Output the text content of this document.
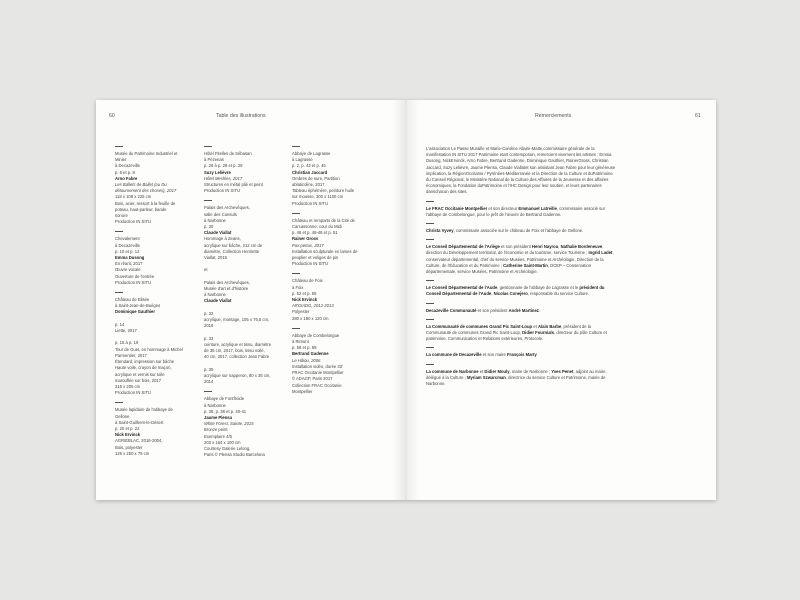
60	Table des illustrations

Musée du Patrimoine Industriel et

Minier

à Decazeville

p. 6 et p. 8

Arno Fabre

Les Ballets de Ballet (ou Du

détournement des choses), 2017

118 x 108 x 225 cm

Bois, acier, ressort à la feuille de

poteau, haut-parleur, bande

sonore

Production IN SITU

Chevalement

à Decazeville

p. 10 et p. 12

Emma Dusong

En rêant, 2017

Œuvre vocale

Ouverture de l'entrée

Production IN SITU

Château de Elisée

à Saint-Jean-de-Buèges

Dominique Gauthier

p. 14

Liette, 2017

p. 15 à p. 19

Tour de Guet, en hommage à Michel

Parmentier, 2017

Étendard, impression sur bâche

Haute voile, crayon de maçon,

acrylique et vernis sur toile

marouflée sur bois, 2017

315 x 205 cm

Production IN SITU

Musée lapidaire de l'abbaye de

Gellone

à Saint-Guilhem-le-Désert

p. 20 et p. 22

Nick Ervinck

AGRIEBLAC, 2016-2004,

Bois, polyester

125 x 250 x 75 cm

Hôtel Fitelles de Sébasan

à Pézenas

p. 26 à p. 28 et p. 29

Suzy Lelièvre

Hôtel Meshles, 2017

Structures en métal plié et peint

Production IN SITU

Palais des Archevêques,

salle des Consuls

à Narbonne

p. 30

Claude Viallat

Hommage à Zeans,

acrylique sur bâche, 212 cm de

diamètre, Collection Henriette

Viallat, 2015

et

Palais des Archevêques,

Musée d'art et d'histoire

à Narbonne

Claude Viallat

p. 32

acrylique, montage, 105 x 76,5 cm,

2016

p. 33

ceinture, acrylique et tissu, diamètre

de 35 cm, 2017, bois, tissu voilé,

40 cm, 2017, collection Jean Fabre

p. 35

acrylique sur napperon, 80 x 36 cm,

2014

Abbaye de Fontfroide

à Narbonne

p. 36, p. 38 et p. 40-41

Jaume Plensa

White Forest, Sainte, 2015

Bronze peint

Exemplaire 4/5

203 x 164 x 100 cm

Courtesy Galerie Lelong,

Paris © Plensa Studio Barcelona

Abbaye de Lagrasse

à Lagrasse

p. 2, p. 43 et p. 45

Christian Jaccard

Ombres de sure, Partition

ablaticoline, 2017

Tableau éphémère, peinture huile

sur mousse, 300 x 1100 cm

Production IN SITU

Château et remparts de la Cité de

Carcassonne, cour du Midi

p. 46 et p. 48-48 et p. 51

Rainer Gross

Pax pertus, 2017

Installation sculpturale en lames de

peuplier et voliges de pin

Production IN SITU

Château de Foix

à Foix

p. 52 et p. 55

Nick Ervinck

ARGIADG, 2012-2013

Polyester

280 x 180 x 120 cm

Abbaye de Combelongue

à Rimont

p. 56 et p. 59

Bertrand Gadenne

Le Hibou, 2006

Installation vidéo, durée 33'

FRAC Occitanie Montpellier

© ADAGP, Paris 2017

Collection FRAC Occitanie

Montpellier

Remerciements	61

L'association Le Passe Muraille et Marie-Caroline Allaire-Matte,commissaire générale de la manifestation IN SITU 2017 Patrimoine etart contemporain, remercient vivement les artistes : Emma Dusong, NickErvinck, Arno Fabre, Bertrand Gadenne, Dominique Gauthier, RainerGross, Christian Jaccard, Suzy Lelièvre, Jaume Plensa, Claude Viallatet son assistant Jean Fabre pour leur généreuse implication, la RégionOccitanie / Pyrénées-Méditerranée et la Direction de la Culture et duPatrimoine du Conseil Régional, le Ministère National de la Culture,des Affaires de la Jeunesse et des affaires économiques, la Fondation duPatrimoine et l'IHC Design pour leur soutien, et leurs partenaires danschacun des sites.

Le FRAC Occitanie Montpellier et son directeur Emmanuel Latreille, commissaire associé sur l'abbaye de Combelongue, pour le prêt de l'œuvre de Bertrand Gadenne.

Christa Vyvey, commissaire associée sur le château de Foix et l'abbaye de Gellone.

Le Conseil Départemental de l'Ariège et son président Henri Nayrou, Nathalie Bordeneuve, direction du Développement territorial, de l'économie et du tourisme, service Tourisme ; Ingrid Ladet, conservateur départemental, chef du service Musées, Patrimoine et Archéologie, Direction de la Culture, de l'Éducation et du Patrimoine ; Catherine Saint-Martin, DCEP – Conservation départementale, service Musées, Patrimoine et Archéologie.

Le Conseil Départemental de l'Aude, gestionnaire de l'abbaye de Lagrasse et le président du Conseil Départemental de l'Aude, Nicolas Conejero, responsable du service Culture.

Decazeville Communauté et son président André Martinez.

La Communauté de communes Grand Pic Saint-Loup et Alain Barbe, président de la Communauté de communes Grand Pic Saint-Loup, Didier Fournials, directeur du pôle Culture et patrimoine, Communication et Relations extérieures, Protocole.

La commune de Decazeville et son maire François Marty

La commune de Narbonne et Didier Mouly, maire de Narbonne ; Yves Penet, adjoint au maire, délégué à la Culture ; Myriam Szwarcman, directrice du service Culture et Patrimoine, mairie de Narbonne.
